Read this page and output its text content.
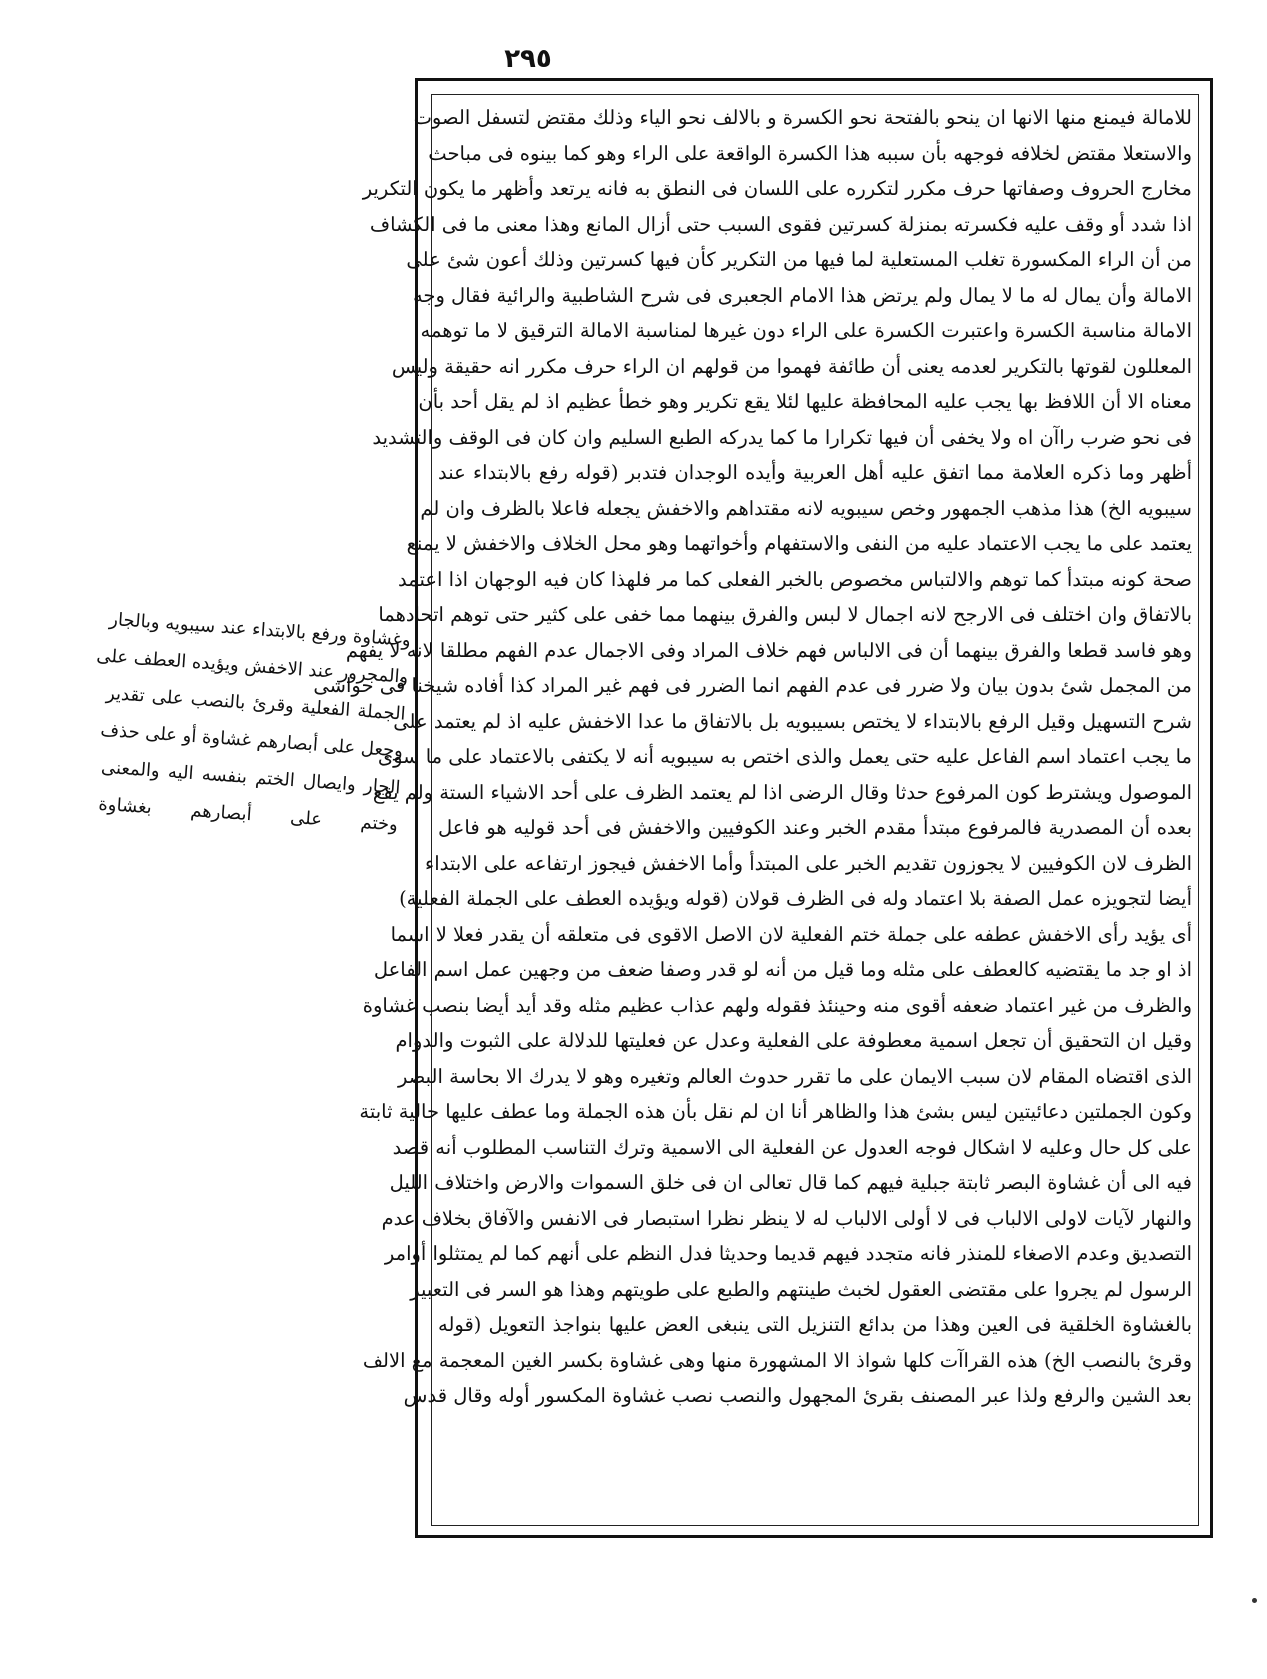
٢٩٥
للامالة فيمنع منها الانها ان ينحو بالفتحة نحو الكسرة و بالالف نحو الياء وذلك مقتض لتسفل الصوت
والاستعلا مقتض لخلافه فوجهه بأن سببه هذا الكسرة الواقعة على الراء وهو كما بينوه فى مباحث
مخارج الحروف وصفاتها حرف مكرر لتكرره على اللسان فى النطق به فانه يرتعد وأظهر ما يكون التكرير
اذا شدد أو وقف عليه فكسرته بمنزلة كسرتين فقوى السبب حتى أزال المانع وهذا معنى ما فى الكشاف
من أن الراء المكسورة تغلب المستعلية لما فيها من التكرير كأن فيها كسرتين وذلك أعون شئ على
الامالة وأن يمال له ما لا يمال ولم يرتض هذا الامام الجعبرى فى شرح الشاطبية والرائية فقال وجه
الامالة مناسبة الكسرة واعتبرت الكسرة على الراء دون غيرها لمناسبة الامالة الترقيق لا ما توهمه
المعللون لقوتها بالتكرير لعدمه يعنى أن طائفة فهموا من قولهم ان الراء حرف مكرر انه حقيقة وليس
معناه الا أن اللافظ بها يجب عليه المحافظة عليها لئلا يقع تكرير وهو خطأ عظيم اذ لم يقل أحد بأن
فى نحو ضرب راآن اه ولا يخفى أن فيها تكرارا ما كما يدركه الطبع السليم وان كان فى الوقف والتشديد
أظهر وما ذكره العلامة مما اتفق عليه أهل العربية وأيده الوجدان فتدبر (قوله رفع بالابتداء عند
سيبويه الخ) هذا مذهب الجمهور وخص سيبويه لانه مقتداهم والاخفش يجعله فاعلا بالظرف وان لم
يعتمد على ما يجب الاعتماد عليه من النفى والاستفهام وأخواتهما وهو محل الخلاف والاخفش لا يمنع
صحة كونه مبتدأ كما توهم والالتباس مخصوص بالخبر الفعلى كما مر فلهذا كان فيه الوجهان اذا اعتمد
بالاتفاق وان اختلف فى الارجح لانه اجمال لا لبس والفرق بينهما مما خفى على كثير حتى توهم اتحادهما
وهو فاسد قطعا والفرق بينهما أن فى الالباس فهم خلاف المراد وفى الاجمال عدم الفهم مطلقا لانه لا يفهم
من المجمل شئ بدون بيان ولا ضرر فى عدم الفهم انما الضرر فى فهم غير المراد كذا أفاده شيخنا فى حواشى
شرح التسهيل وقيل الرفع بالابتداء لا يختص بسيبويه بل بالاتفاق ما عدا الاخفش عليه اذ لم يعتمد على
ما يجب اعتماد اسم الفاعل عليه حتى يعمل والذى اختص به سيبويه أنه لا يكتفى بالاعتماد على ما سوى
الموصول ويشترط كون المرفوع حدثا وقال الرضى اذا لم يعتمد الظرف على أحد الاشياء الستة ولم يقع
بعده أن المصدرية فالمرفوع مبتدأ مقدم الخبر وعند الكوفيين والاخفش فى أحد قوليه هو فاعل
الظرف لان الكوفيين لا يجوزون تقديم الخبر على المبتدأ وأما الاخفش فيجوز ارتفاعه على الابتداء
أيضا لتجويزه عمل الصفة بلا اعتماد وله فى الظرف قولان (قوله ويؤيده العطف على الجملة الفعلية)
أى يؤيد رأى الاخفش عطفه على جملة ختم الفعلية لان الاصل الاقوى فى متعلقه أن يقدر فعلا لا اسما
اذ او جد ما يقتضيه كالعطف على مثله وما قيل من أنه لو قدر وصفا ضعف من وجهين عمل اسم الفاعل
والظرف من غير اعتماد ضعفه أقوى منه وحينئذ فقوله ولهم عذاب عظيم مثله وقد أيد أيضا بنصب غشاوة
وقيل ان التحقيق أن تجعل اسمية معطوفة على الفعلية وعدل عن فعليتها للدلالة على الثبوت والدوام
الذى اقتضاه المقام لان سبب الايمان على ما تقرر حدوث العالم وتغيره وهو لا يدرك الا بحاسة البصر
وكون الجملتين دعائيتين ليس بشئ هذا والظاهر أنا ان لم نقل بأن هذه الجملة وما عطف عليها حالية ثابتة
على كل حال وعليه لا اشكال فوجه العدول عن الفعلية الى الاسمية وترك التناسب المطلوب أنه قصد
فيه الى أن غشاوة البصر ثابتة جبلية فيهم كما قال تعالى ان فى خلق السموات والارض واختلاف الليل
والنهار لآيات لاولى الالباب فى لا أولى الالباب له لا ينظر نظرا استبصار فى الانفس والآفاق بخلاف عدم
التصديق وعدم الاصغاء للمنذر فانه متجدد فيهم قديما وحديثا فدل النظم على أنهم كما لم يمتثلوا أوامر
الرسول لم يجروا على مقتضى العقول لخبث طينتهم والطبع على طويتهم وهذا هو السر فى التعبير
بالغشاوة الخلقية فى العين وهذا من بدائع التنزيل التى ينبغى العض عليها بنواجذ التعويل (قوله
وقرئ بالنصب الخ) هذه القراآت كلها شواذ الا المشهورة منها وهى غشاوة بكسر الغين المعجمة مع الالف
بعد الشين والرفع ولذا عبر المصنف بقرئ المجهول والنصب نصب غشاوة المكسور أوله وقال قدس
وغشاوة ورفع بالابتداء عند سيبويه وبالجار
والمجرور عند الاخفش ويؤيده العطف على
الجملة الفعلية وقرئ بالنصب على تقدير
وجعل على أبصارهم غشاوة أو على حذف
الجار وايصال الختم بنفسه اليه والمعنى
وختم على أبصارهم بغشاوة
